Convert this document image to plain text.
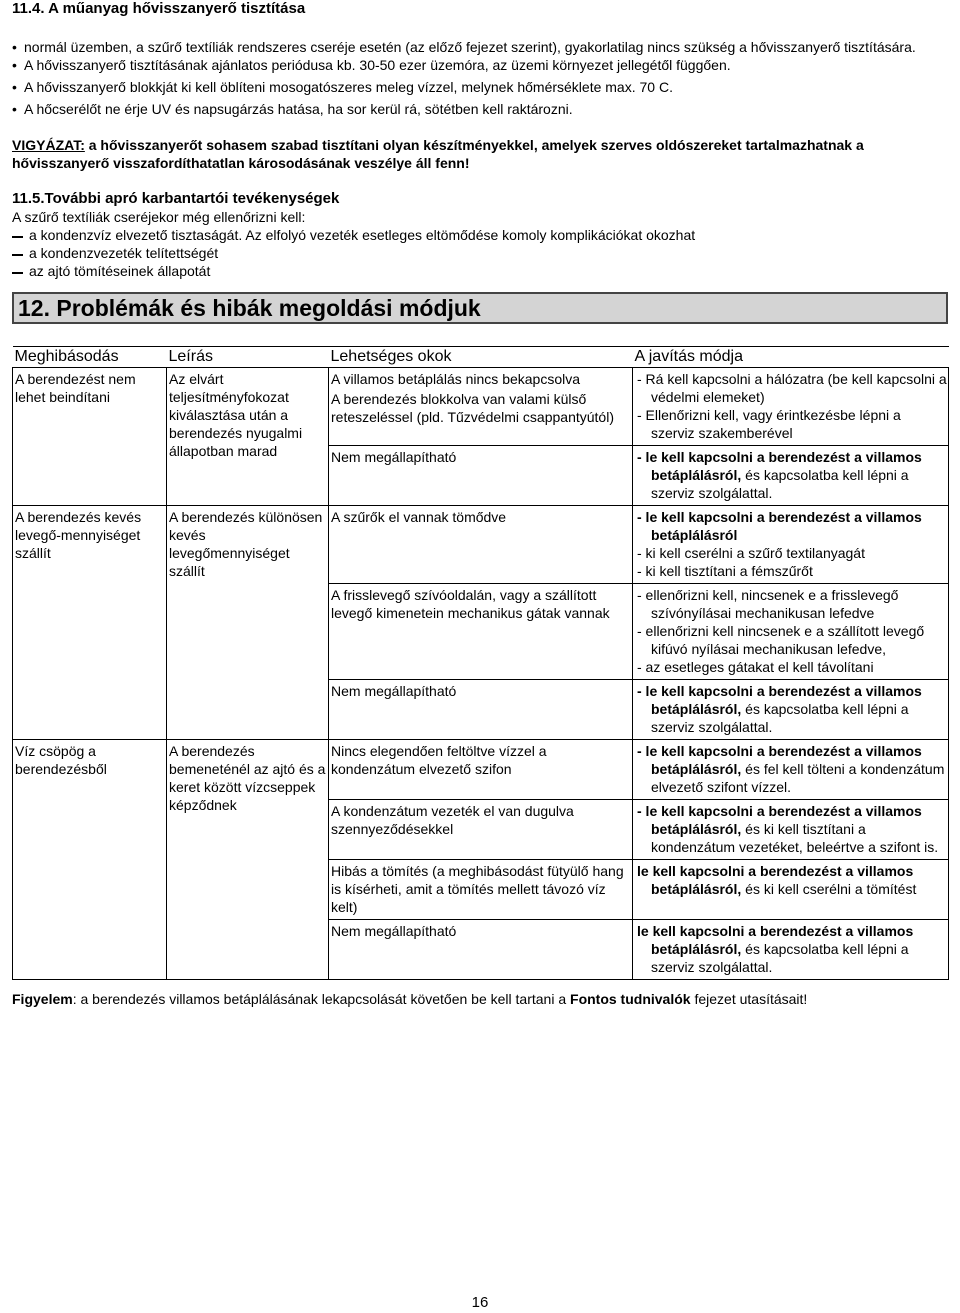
11.4. A műanyag hővisszanyerő tisztítása
• normál üzemben, a szűrő textíliák rendszeres cseréje esetén (az előző fejezet szerint), gyakorlatilag nincs szükség a hővisszanyerő tisztítására.
• A hővisszanyerő tisztításának ajánlatos periódusa kb. 30-50 ezer üzemóra, az üzemi környezet jellegétől függően.
• A hővisszanyerő blokkját ki kell öblíteni mosogatószeres meleg vízzel, melynek hőmérséklete max. 70 C.
• A hőcserélőt ne érje UV és napsugárzás hatása, ha sor kerül rá, sötétben kell raktározni.
VIGYÁZAT: a hővisszanyerőt sohasem szabad tisztítani olyan készítményekkel, amelyek szerves oldószereket tartalmazhatnak a hővisszanyerő visszafordíthatatlan károsodásának veszélye áll fenn!
11.5.További apró karbantartói tevékenységek
A szűrő textíliák cseréjekor még ellenőrizni kell:
a kondenzvíz elvezető tisztaságát. Az elfolyó vezeték esetleges eltömődése komoly komplikációkat okozhat
a kondenzvezeték telítettségét
az ajtó tömítéseinek állapotát
12. Problémák és hibák megoldási módjuk
Meghibásodás	Leírás	Lehetséges okok	A javítás módja
A berendezést nem lehet beindítani	Az elvárt teljesítményfokozat kiválasztása után a berendezés nyugalmi állapotban marad	A villamos betáplálás nincs bekapcsolva
A berendezés blokkolva van valami külső reteszeléssel (pld. Tűzvédelmi csappantyútól)	- Rá kell kapcsolni a hálózatra (be kell kapcsolni a védelmi elemeket)
- Ellenőrizni kell, vagy érintkezésbe lépni a szerviz szakemberével

		Nem megállapítható	- le kell kapcsolni a berendezést a villamos betáplálásról, és kapcsolatba kell lépni a szerviz szolgálattal.

A berendezés kevés levegő-mennyiséget szállít	A berendezés különösen kevés levegőmennyiséget szállít	A szűrők el vannak tömődve	- le kell kapcsolni a berendezést a villamos betáplálásról
- ki kell cserélni a szűrő textilanyagát
- ki kell tisztítani a fémszűrőt

		A frisslevegő szívóoldalán, vagy a szállított levegő kimenetein mechanikus gátak vannak	- ellenőrizni kell, nincsenek e a frisslevegő szívónyílásai mechanikusan lefedve
- ellenőrizni kell nincsenek e a szállított levegő kifúvó nyílásai mechanikusan lefedve,
- az esetleges gátakat el kell távolítani

		Nem megállapítható	- le kell kapcsolni a berendezést a villamos betáplálásról, és kapcsolatba kell lépni a szerviz szolgálattal.

Víz csöpög a berendezésből	A berendezés bemeneténél az ajtó és a keret között vízcseppek képződnek	Nincs elegendően feltöltve vízzel a kondenzátum elvezető szifon	- le kell kapcsolni a berendezést a villamos betáplálásról, és fel kell tölteni a kondenzátum elvezető szifont vízzel.

		A kondenzátum vezeték el van dugulva szennyeződésekkel	- le kell kapcsolni a berendezést a villamos betáplálásról, és ki kell tisztítani a kondenzátum vezetéket, beleértve a szifont is.

		Hibás a tömítés (a meghibásodást fütyülő hang is kísérheti, amit a tömítés mellett távozó víz kelt)	le kell kapcsolni a berendezést a villamos betáplálásról, és ki kell cserélni a tömítést

		Nem megállapítható	le kell kapcsolni a berendezést a villamos betáplálásról, és kapcsolatba kell lépni a szerviz szolgálattal.
Figyelem: a berendezés villamos betáplálásának lekapcsolását követően be kell tartani a Fontos tudnivalók fejezet utasításait!
16
